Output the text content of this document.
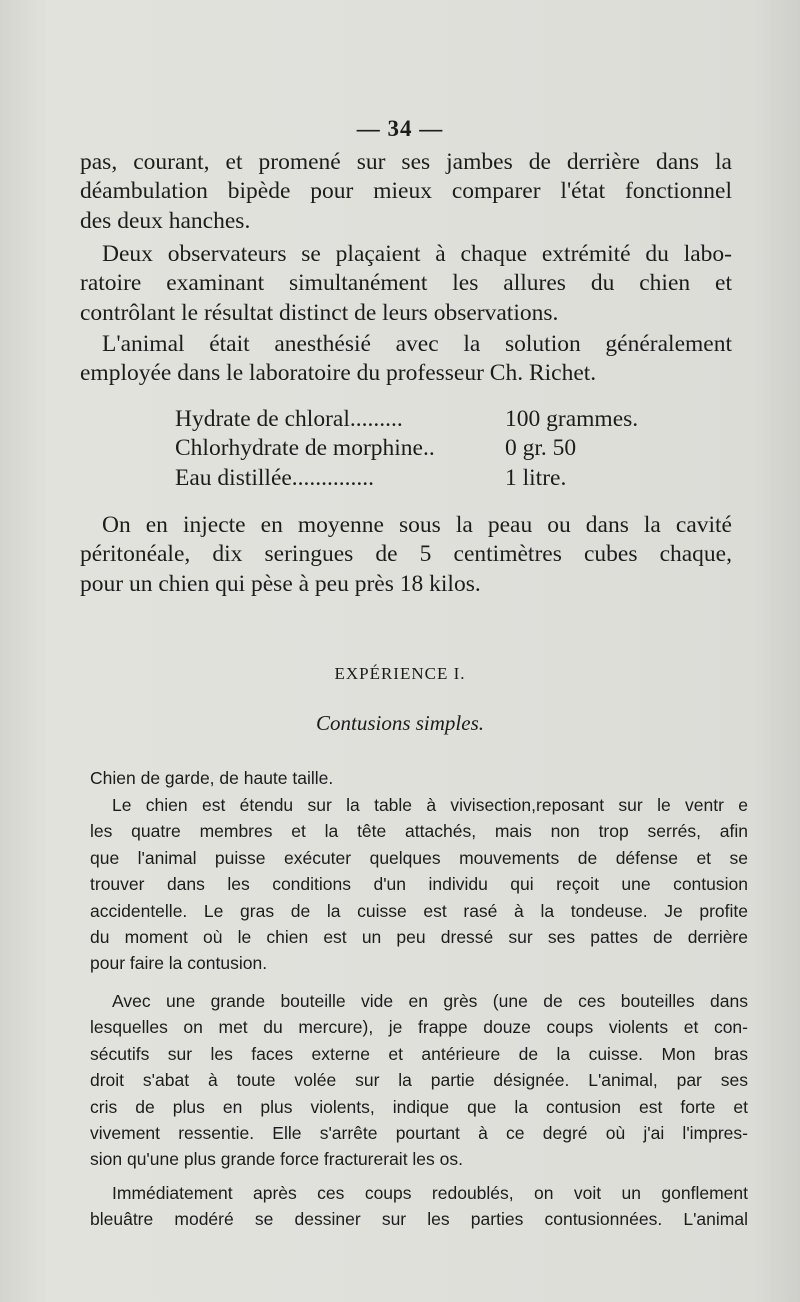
— 34 —
pas, courant, et promené sur ses jambes de derrière dans la
déambulation bipède pour mieux comparer l'état fonctionnel
des deux hanches.
Deux observateurs se plaçaient à chaque extrémité du labo-
ratoire examinant simultanément les allures du chien et
contrôlant le résultat distinct de leurs observations.
L'animal était anesthésié avec la solution généralement
employée dans le laboratoire du professeur Ch. Richet.
Hydrate de chloral.........	100 grammes.
Chlorhydrate de morphine..	0 gr. 50
Eau distillée..............	1 litre.
On en injecte en moyenne sous la peau ou dans la cavité
péritonéale, dix seringues de 5 centimètres cubes chaque,
pour un chien qui pèse à peu près 18 kilos.
EXPÉRIENCE I.
Contusions simples.
Chien de garde, de haute taille.
Le chien est étendu sur la table à vivisection,reposant sur le ventr e
les quatre membres et la tête attachés, mais non trop serrés, afin
que l'animal puisse exécuter quelques mouvements de défense et se
trouver dans les conditions d'un individu qui reçoit une contusion
accidentelle. Le gras de la cuisse est rasé à la tondeuse. Je profite
du moment où le chien est un peu dressé sur ses pattes de derrière
pour faire la contusion.
Avec une grande bouteille vide en grès (une de ces bouteilles dans
lesquelles on met du mercure), je frappe douze coups violents et con-
sécutifs sur les faces externe et antérieure de la cuisse. Mon bras
droit s'abat à toute volée sur la partie désignée. L'animal, par ses
cris de plus en plus violents, indique que la contusion est forte et
vivement ressentie. Elle s'arrête pourtant à ce degré où j'ai l'impres-
sion qu'une plus grande force fracturerait les os.
Immédiatement après ces coups redoublés, on voit un gonflement
bleuâtre modéré se dessiner sur les parties contusionnées. L'animal
